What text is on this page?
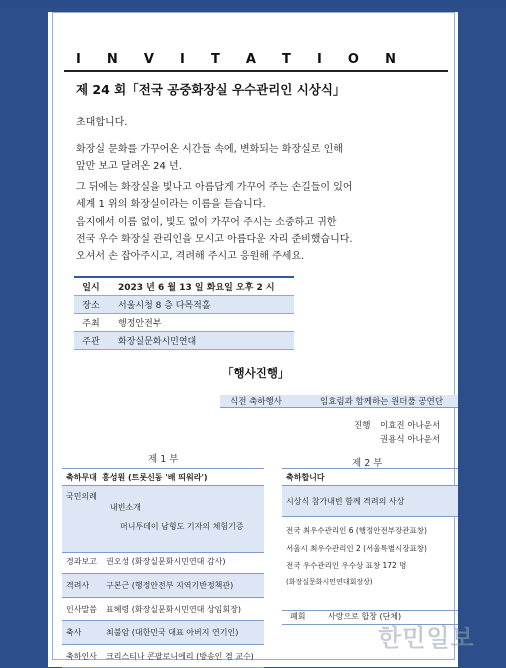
I N V I T A T I O N
제 24 회「전국 공중화장실 우수관리인 시상식」
초대합니다.
화장실 문화를 가꾸어온 시간들 속에, 변화되는 화장실로 인해
앞만 보고 달려온 24 년.
그 뒤에는 화장실을 빛나고 아름답게 가꾸어 주는 손길들이 있어
세계 1 위의 화장실이라는 이름을 듣습니다.
음지에서 이름 없이, 빛도 없이 가꾸어 주시는 소중하고 귀한
전국 우수 화장실 관리인을 모시고 아름다운 자리 준비했습니다.
오셔서 손 잡아주시고, 격려해 주시고 응원해 주세요.
일시	2023 년 6 월 13 일 화요일 오후 2 시
장소	서울시청 8 층 다목적홀
주최	행정안전부
주관	화장실문화시민연대
「행사진행」
식전 축하행사	임효림과 함께하는 원더풀 공연단
진행 이효진 아나운서
권용식 아나운서
제 1 부	제 2 부
축하무대 홍성원 (트롯신동 '배 띄워라')
국민의례
내빈소개
머니투데이 남형도 기자의 체험기증
경과보고 권오성 (화장실문화시민연대 감사)
격려사 구본근 (행정안전부 지역기반정책관)
인사말씀 표혜령 (화장실문화시민연대 상임회장)
축사	최불암 (대한민국 대표 아버지 연기인)
축하인사 크리스티나 콘팔로니에리 (방송인 겸 교수)
축하합니다
시상식 참가내빈 함께 격려의 사상
전국 최우수관리인 6 (행정안전부장관표창)
서울시 최우수관리인 2 (서울특별시장표창)
전국 우수관리인 우수상 표창 172 명
(화장실문화시민연대회장상)
폐회	사랑으로 합창 (단체)
한민일보
